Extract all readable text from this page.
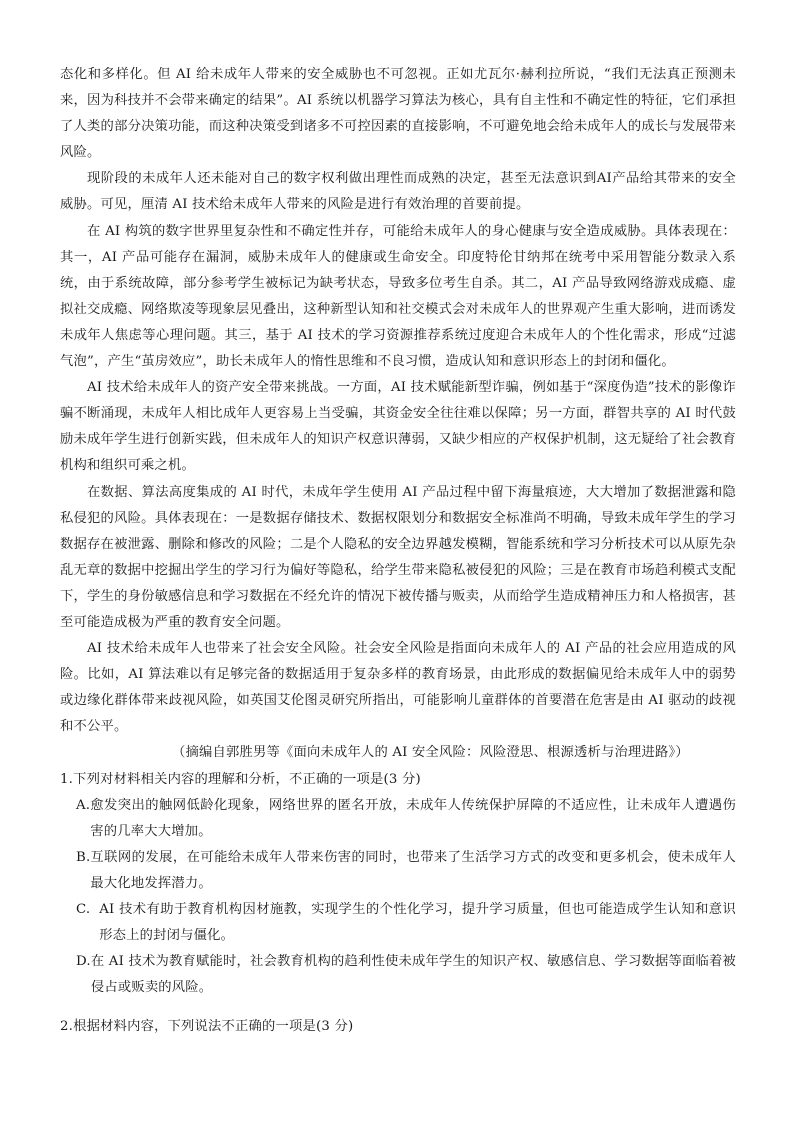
态化和多样化。但 AI 给未成年人带来的安全威胁也不可忽视。正如尤瓦尔·赫利拉所说，“我们无法真正预测未来，因为科技并不会带来确定的结果”。AI 系统以机器学习算法为核心，具有自主性和不确定性的特征，它们承担了人类的部分决策功能，而这种决策受到诸多不可控因素的直接影响，不可避免地会给未成年人的成长与发展带来风险。

现阶段的未成年人还未能对自己的数字权利做出理性而成熟的决定，甚至无法意识到AI产品给其带来的安全威胁。可见，厘清 AI 技术给未成年人带来的风险是进行有效治理的首要前提。

在 AI 构筑的数字世界里复杂性和不确定性并存，可能给未成年人的身心健康与安全造成威胁。具体表现在：其一，AI 产品可能存在漏洞，威胁未成年人的健康或生命安全。印度特伦甘纳邦在统考中采用智能分数录入系统，由于系统故障，部分参考学生被标记为缺考状态，导致多位考生自杀。其二，AI 产品导致网络游戏成瘾、虚拟社交成瘾、网络欺凌等现象层见叠出，这种新型认知和社交模式会对未成年人的世界观产生重大影响，进而诱发未成年人焦虑等心理问题。其三，基于 AI 技术的学习资源推荐系统过度迎合未成年人的个性化需求，形成“过滤气泡”，产生“茧房效应”，助长未成年人的惰性思维和不良习惯，造成认知和意识形态上的封闭和僵化。

AI 技术给未成年人的资产安全带来挑战。一方面，AI 技术赋能新型诈骗，例如基于“深度伪造”技术的影像诈骗不断涌现，未成年人相比成年人更容易上当受骗，其资金安全往往难以保障；另一方面，群智共享的 AI 时代鼓励未成年学生进行创新实践，但未成年人的知识产权意识薄弱，又缺少相应的产权保护机制，这无疑给了社会教育机构和组织可乘之机。

在数据、算法高度集成的 AI 时代，未成年学生使用 AI 产品过程中留下海量痕迹，大大增加了数据泄露和隐私侵犯的风险。具体表现在：一是数据存储技术、数据权限划分和数据安全标准尚不明确，导致未成年学生的学习数据存在被泄露、删除和修改的风险；二是个人隐私的安全边界越发模糊，智能系统和学习分析技术可以从原先杂乱无章的数据中挖掘出学生的学习行为偏好等隐私，给学生带来隐私被侵犯的风险；三是在教育市场趋利模式支配下，学生的身份敏感信息和学习数据在不经允许的情况下被传播与贩卖，从而给学生造成精神压力和人格损害，甚至可能造成极为严重的教育安全问题。

AI 技术给未成年人也带来了社会安全风险。社会安全风险是指面向未成年人的 AI 产品的社会应用造成的风险。比如，AI 算法难以有足够完备的数据适用于复杂多样的教育场景，由此形成的数据偏见给未成年人中的弱势或边缘化群体带来歧视风险，如英国艾伦图灵研究所指出，可能影响儿童群体的首要潜在危害是由 AI 驱动的歧视和不公平。

（摘编自郭胜男等《面向未成年人的 AI 安全风险：风险澄思、根源透析与治理进路》）

1.下列对材料相关内容的理解和分析，不正确的一项是(3 分)

A. 愈发突出的触网低龄化现象，网络世界的匿名开放，未成年人传统保护屏障的不适应性，让未成年人遭遇伤害的几率大大增加。
B. 互联网的发展，在可能给未成年人带来伤害的同时，也带来了生活学习方式的改变和更多机会，使未成年人最大化地发挥潜力。
C. AI 技术有助于教育机构因材施教，实现学生的个性化学习，提升学习质量，但也可能造成学生认知和意识形态上的封闭与僵化。
D. 在 AI 技术为教育赋能时，社会教育机构的趋利性使未成年学生的知识产权、敏感信息、学习数据等面临着被侵占或贩卖的风险。

2.根据材料内容，下列说法不正确的一项是(3 分)
